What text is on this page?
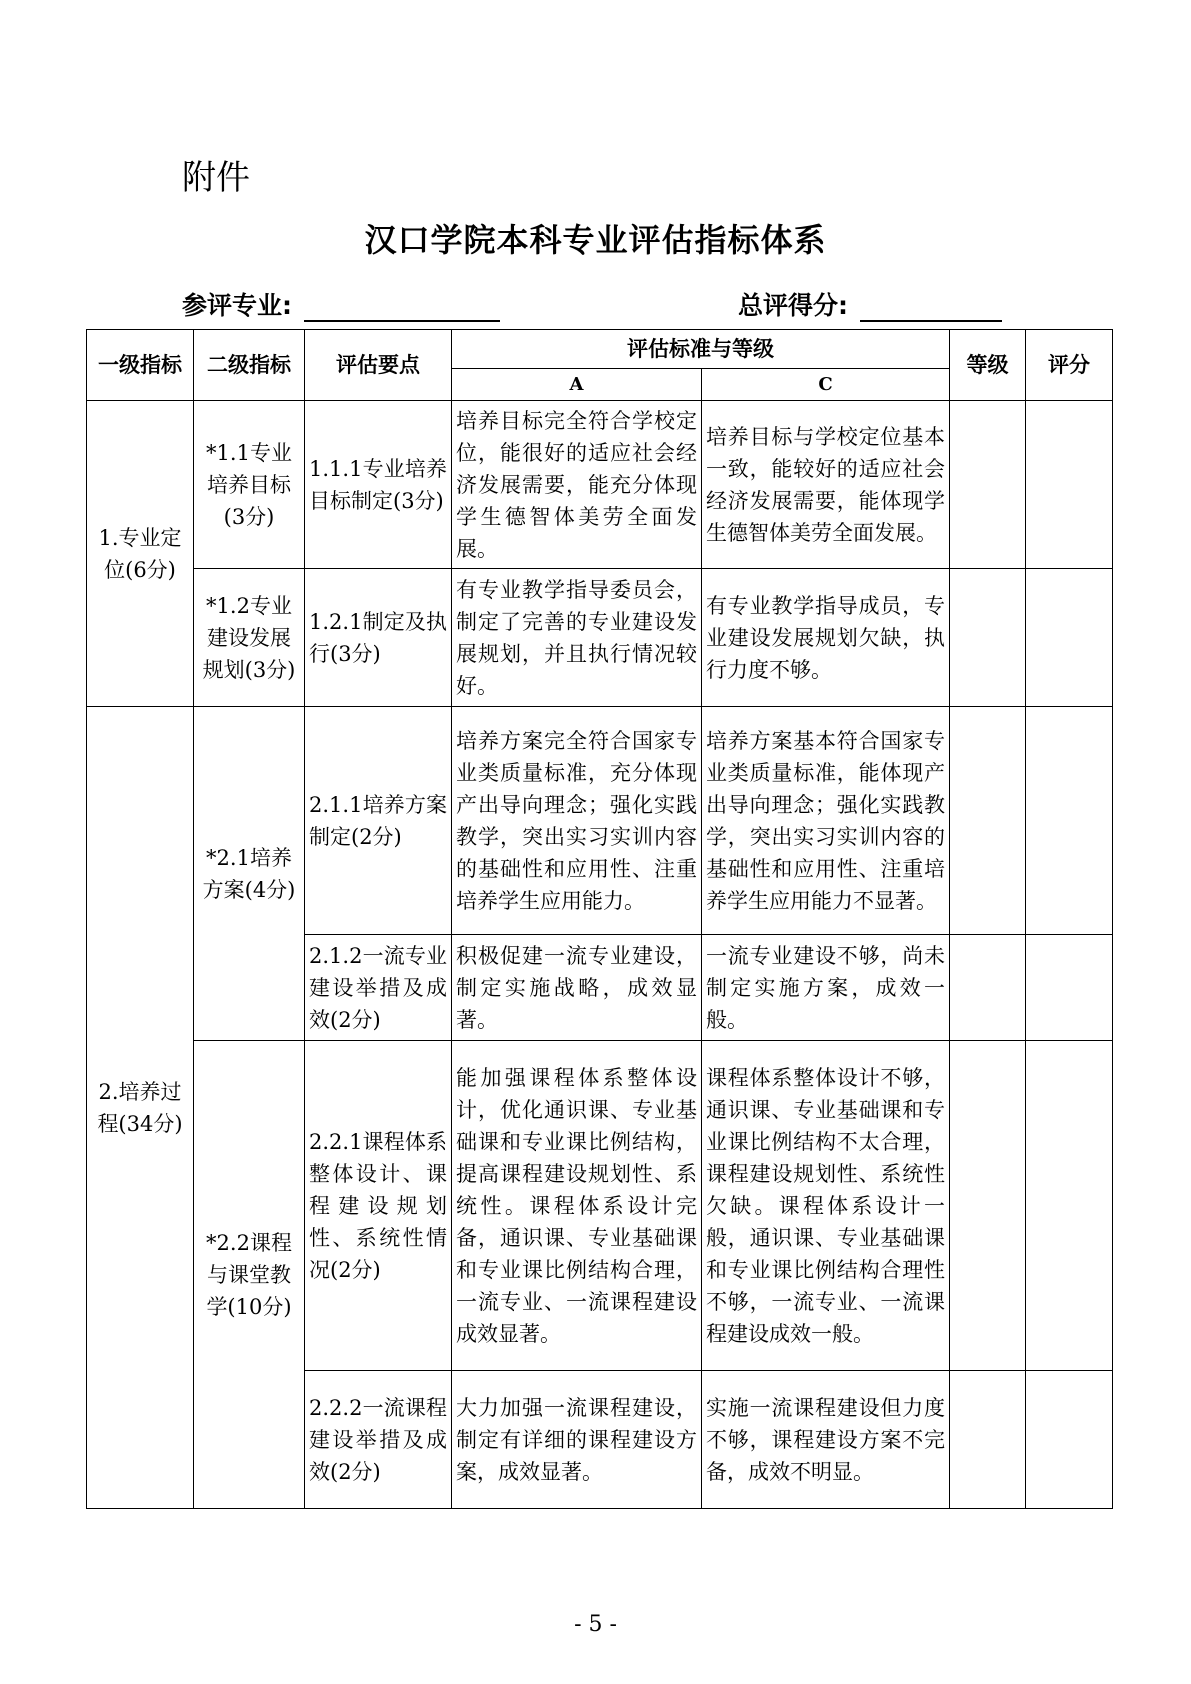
附件
汉口学院本科专业评估指标体系
参评专业:	总评得分:
一级指标	二级指标	评估要点	评估标准与等级		等级	评分
			A	C		
1.专业定位(6分)	*1.1专业培养目标(3分)	1.1.1专业培养目标制定(3分)	培养目标完全符合学校定位，能很好的适应社会经济发展需要，能充分体现学生德智体美劳全面发展。	培养目标与学校定位基本一致，能较好的适应社会经济发展需要，能体现学生德智体美劳全面发展。		
	*1.2专业建设发展规划(3分)	1.2.1制定及执行(3分)	有专业教学指导委员会，制定了完善的专业建设发展规划，并且执行情况较好。	有专业教学指导成员，专业建设发展规划欠缺，执行力度不够。		
2.培养过程(34分)	*2.1培养方案(4分)	2.1.1培养方案制定(2分)	培养方案完全符合国家专业类质量标准，充分体现产出导向理念；强化实践教学，突出实习实训内容的基础性和应用性、注重培养学生应用能力。	培养方案基本符合国家专业类质量标准，能体现产出导向理念；强化实践教学，突出实习实训内容的基础性和应用性、注重培养学生应用能力不显著。		
		2.1.2一流专业建设举措及成效(2分)	积极促建一流专业建设，制定实施战略，成效显著。	一流专业建设不够，尚未制定实施方案，成效一般。		
	*2.2课程与课堂教学(10分)	2.2.1课程体系整体设计、课程建设规划性、系统性情况(2分)	能加强课程体系整体设计，优化通识课、专业基础课和专业课比例结构，提高课程建设规划性、系统性。课程体系设计完备，通识课、专业基础课和专业课比例结构合理，一流专业、一流课程建设成效显著。	课程体系整体设计不够，通识课、专业基础课和专业课比例结构不太合理，课程建设规划性、系统性欠缺。课程体系设计一般，通识课、专业基础课和专业课比例结构合理性不够，一流专业、一流课程建设成效一般。		
		2.2.2一流课程建设举措及成效(2分)	大力加强一流课程建设，制定有详细的课程建设方案，成效显著。	实施一流课程建设但力度不够，课程建设方案不完备，成效不明显。		
- 5 -
